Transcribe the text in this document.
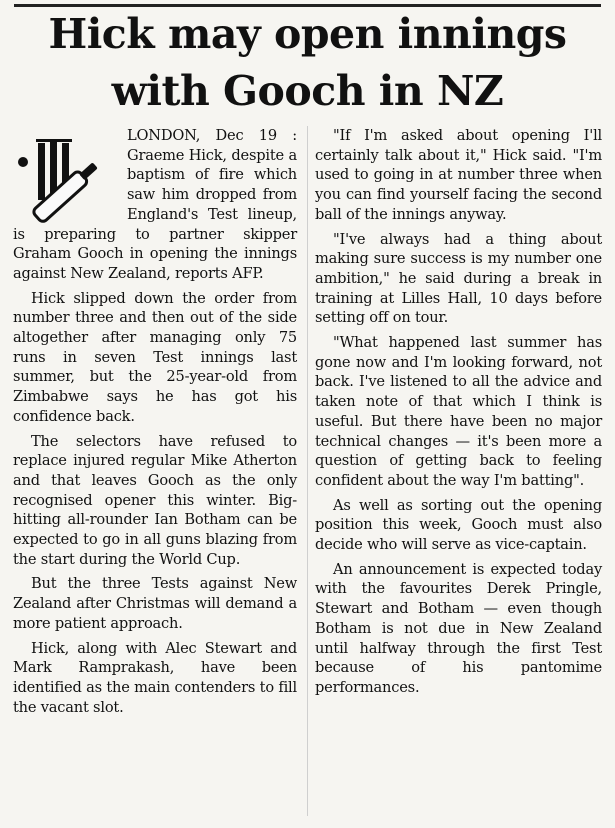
Hick may open innings
with Gooch in NZ

LONDON, Dec 19 : Graeme Hick, despite a baptism of fire which saw him dropped from England's Test lineup, is preparing to partner skipper Graham Gooch in opening the innings against New Zealand, reports AFP.

Hick slipped down the order from number three and then out of the side altogether after managing only 75 runs in seven Test innings last summer, but the 25-year-old from Zimbabwe says he has got his confidence back.

The selectors have refused to replace injured regular Mike Atherton and that leaves Gooch as the only recognised opener this winter. Big-hitting all-rounder Ian Botham can be expected to go in all guns blazing from the start during the World Cup.

But the three Tests against New Zealand after Christmas will demand a more patient approach.

Hick, along with Alec Stewart and Mark Ramprakash, have been identified as the main contenders to fill the vacant slot.

"If I'm asked about opening I'll certainly talk about it," Hick said. "I'm used to going in at number three when you can find yourself facing the second ball of the innings anyway.

"I've always had a thing about making sure success is my number one ambition," he said during a break in training at Lilles Hall, 10 days before setting off on tour.

"What happened last summer has gone now and I'm looking forward, not back. I've listened to all the advice and taken note of that which I think is useful. But there have been no major technical changes — it's been more a question of getting back to feeling confident about the way I'm batting".

As well as sorting out the opening position this week, Gooch must also decide who will serve as vice-captain.

An announcement is expected today with the favourites Derek Pringle, Stewart and Botham — even though Botham is not due in New Zealand until halfway through the first Test because of his pantomime performances.
